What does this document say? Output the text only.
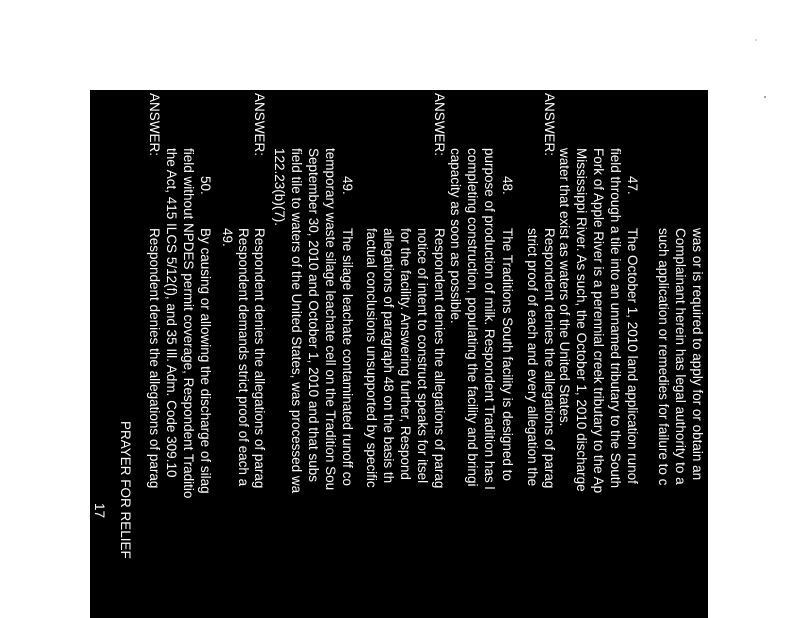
was or is required to apply for or obtain an
Complainant herein has legal authority to a
such application or remedies for failure to c
47.
The October 1, 2010 land application runof
field through a tile into an unnamed tributary to the South
Fork of Apple River is a perennial creek tributary to the Ap
Mississippi River. As such, the October 1, 2010 discharge
water that exist as waters of the United States.
ANSWER:
Respondent denies the allegations of parag
strict proof of each and every allegation the
48.
The Traditions South facility is designed to
purpose of production of milk. Respondent Tradition has l
completing construction, populating the facility and bringi
capacity as soon as possible.
ANSWER:
Respondent denies the allegations of parag
notice of intent to construct speaks for itsel
for the facility. Answering further, Respond
allegations of paragraph 48 on the basis th
factual conclusions unsupported by specific
49.
The silage leachate contaminated runoff co
temporary waste silage leachate cell on the Tradition Sou
September 30, 2010 and October 1, 2010 and that subs
field tile to waters of the United States, was processed wa
122.23(b)(7).
ANSWER:
Respondent denies the allegations of parag
Respondent demands strict proof of each a
49.
50.
By causing or allowing the discharge of silag
field without NPDES permit coverage, Respondent Traditio
the Act, 415 ILCS 5/12(f), and 35 Ill. Adm. Code 309.10
ANSWER:
Respondent denies the allegations of parag
PRAYER FOR RELIEF
17
